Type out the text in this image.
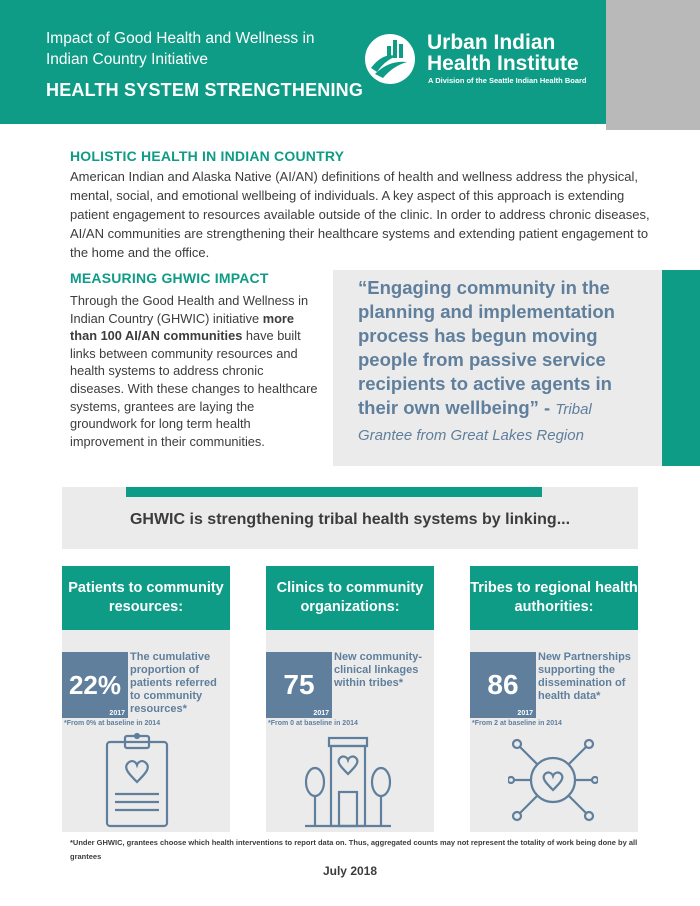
Impact of Good Health and Wellness in Indian Country Initiative
HEALTH SYSTEM STRENGTHENING
Urban Indian
Health Institute
A Division of the Seattle Indian Health Board
HOLISTIC HEALTH IN INDIAN COUNTRY
American Indian and Alaska Native (AI/AN) definitions of health and wellness address the physical, mental, social, and emotional wellbeing of individuals. A key aspect of this approach is extending patient engagement to resources available outside of the clinic. In order to address chronic diseases, AI/AN communities are strengthening their healthcare systems and extending patient engagement to the home and the office.
MEASURING GHWIC IMPACT
Through the Good Health and Wellness in Indian Country (GHWIC) initiative more than 100 AI/AN communities have built links between community resources and health systems to address chronic diseases. With these changes to healthcare systems, grantees are laying the groundwork for long term health improvement in their communities.
“Engaging community in the planning and implementation process has begun moving people from passive service recipients to active agents in their own wellbeing” - Tribal Grantee from Great Lakes Region
GHWIC is strengthening tribal health systems by linking...
Patients to community resources:
22%
2017
The cumulative proportion of patients referred to community resources*
*From 0% at baseline in 2014
Clinics to community organizations:
75
2017
New community-clinical linkages within tribes*
*From 0 at baseline in 2014
Tribes to regional health authorities:
86
2017
New Partnerships supporting the dissemination of health data*
*From 2 at baseline in 2014
*Under GHWIC, grantees choose which health interventions to report data on. Thus, aggregated counts may not represent the totality of work being done by all grantees
July 2018
